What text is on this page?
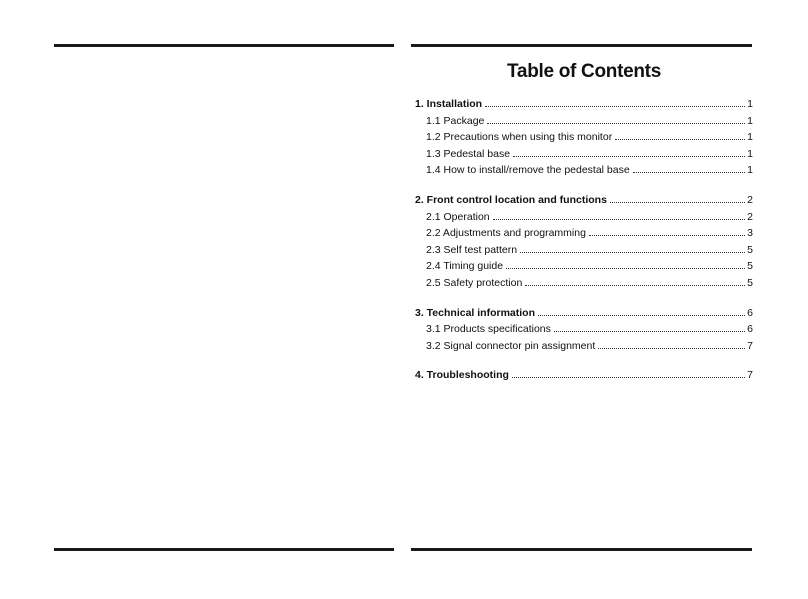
Table of Contents
1. Installation	1
1.1 Package	1
1.2 Precautions when using this monitor	1
1.3 Pedestal base	1
1.4 How to install/remove the pedestal base	1
2. Front control location and functions	2
2.1 Operation	2
2.2 Adjustments and programming	3
2.3 Self test pattern	5
2.4 Timing guide	5
2.5 Safety protection	5
3. Technical information	6
3.1 Products specifications	6
3.2 Signal connector pin assignment	7
4. Troubleshooting	7
